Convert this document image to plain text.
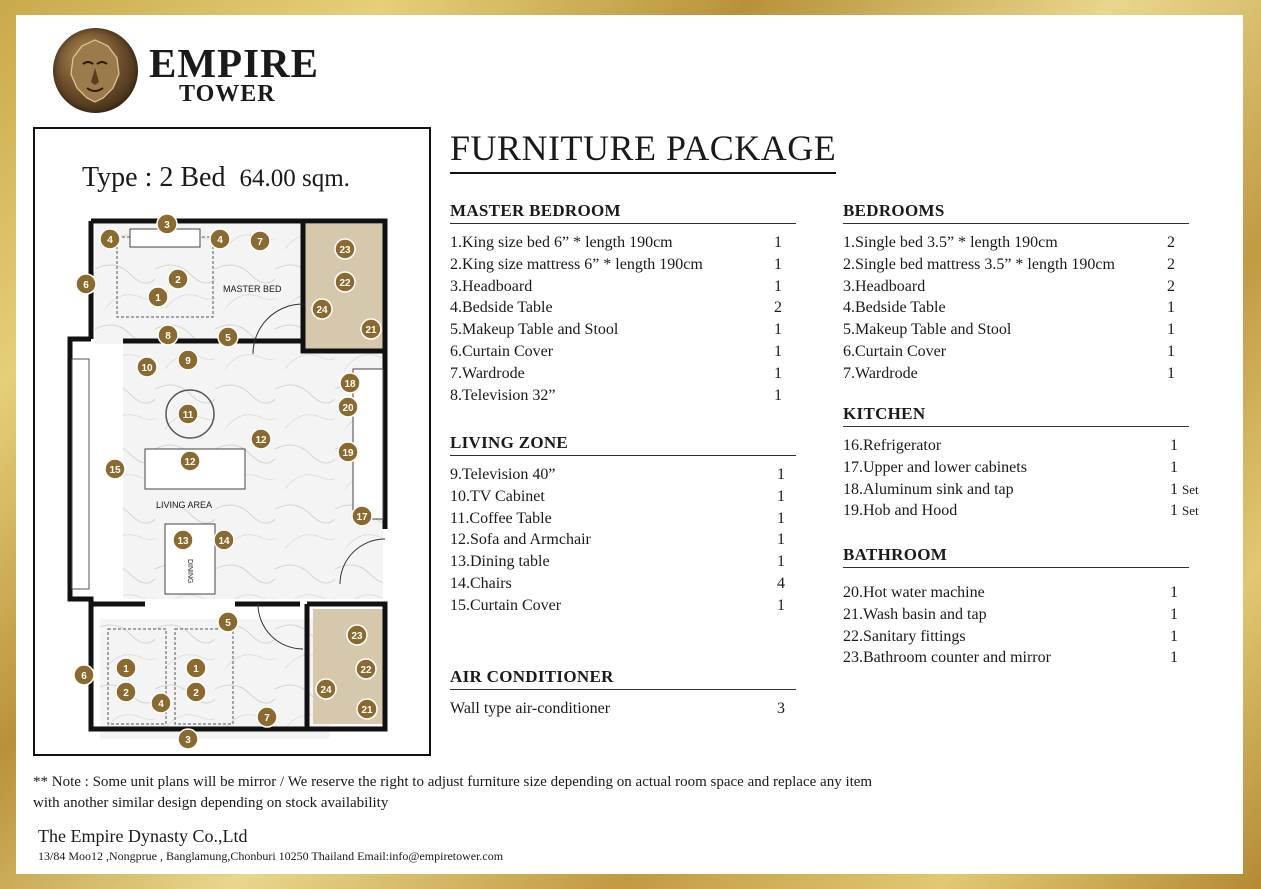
EMPIRE
TOWER
Type : 2 Bed 64.00 sqm.
3
4	4	7
2
1
6
8	5
9
10
11
12
12
15
13	14
17
18
20
19
23
22
24
21
5
1	1
2	2
6
4
3
7
23
22
24
21
MASTER BED
LIVING AREA
DINING
FURNITURE PACKAGE
MASTER BEDROOM
1.King size bed 6” * length 190cm	1
2.King size mattress 6” * length 190cm	1
3.Headboard	1
4.Bedside Table	2
5.Makeup Table and Stool	1
6.Curtain Cover	1
7.Wardrode	1
8.Television 32”	1
LIVING ZONE
9.Television 40”	1
10.TV Cabinet	1
11.Coffee Table	1
12.Sofa and Armchair	1
13.Dining table	1
14.Chairs	4
15.Curtain Cover	1
AIR CONDITIONER
Wall type air-conditioner	3
BEDROOMS
1.Single bed 3.5” * length 190cm	2
2.Single bed mattress 3.5” * length 190cm	2
3.Headboard	2
4.Bedside Table	1
5.Makeup Table and Stool	1
6.Curtain Cover	1
7.Wardrode	1
KITCHEN
16.Refrigerator	1
17.Upper and lower cabinets	1
18.Aluminum sink and tap	1 Set
19.Hob and Hood	1 Set
BATHROOM
20.Hot water machine	1
21.Wash basin and tap	1
22.Sanitary fittings	1
23.Bathroom counter and mirror	1
** Note : Some unit plans will be mirror / We reserve the right to adjust furniture size depending on actual room space and replace any item
with another similar design depending on stock availability
The Empire Dynasty Co.,Ltd
13/84 Moo12 ,Nongprue , Banglamung,Chonburi 10250 Thailand Email:info@empiretower.com
